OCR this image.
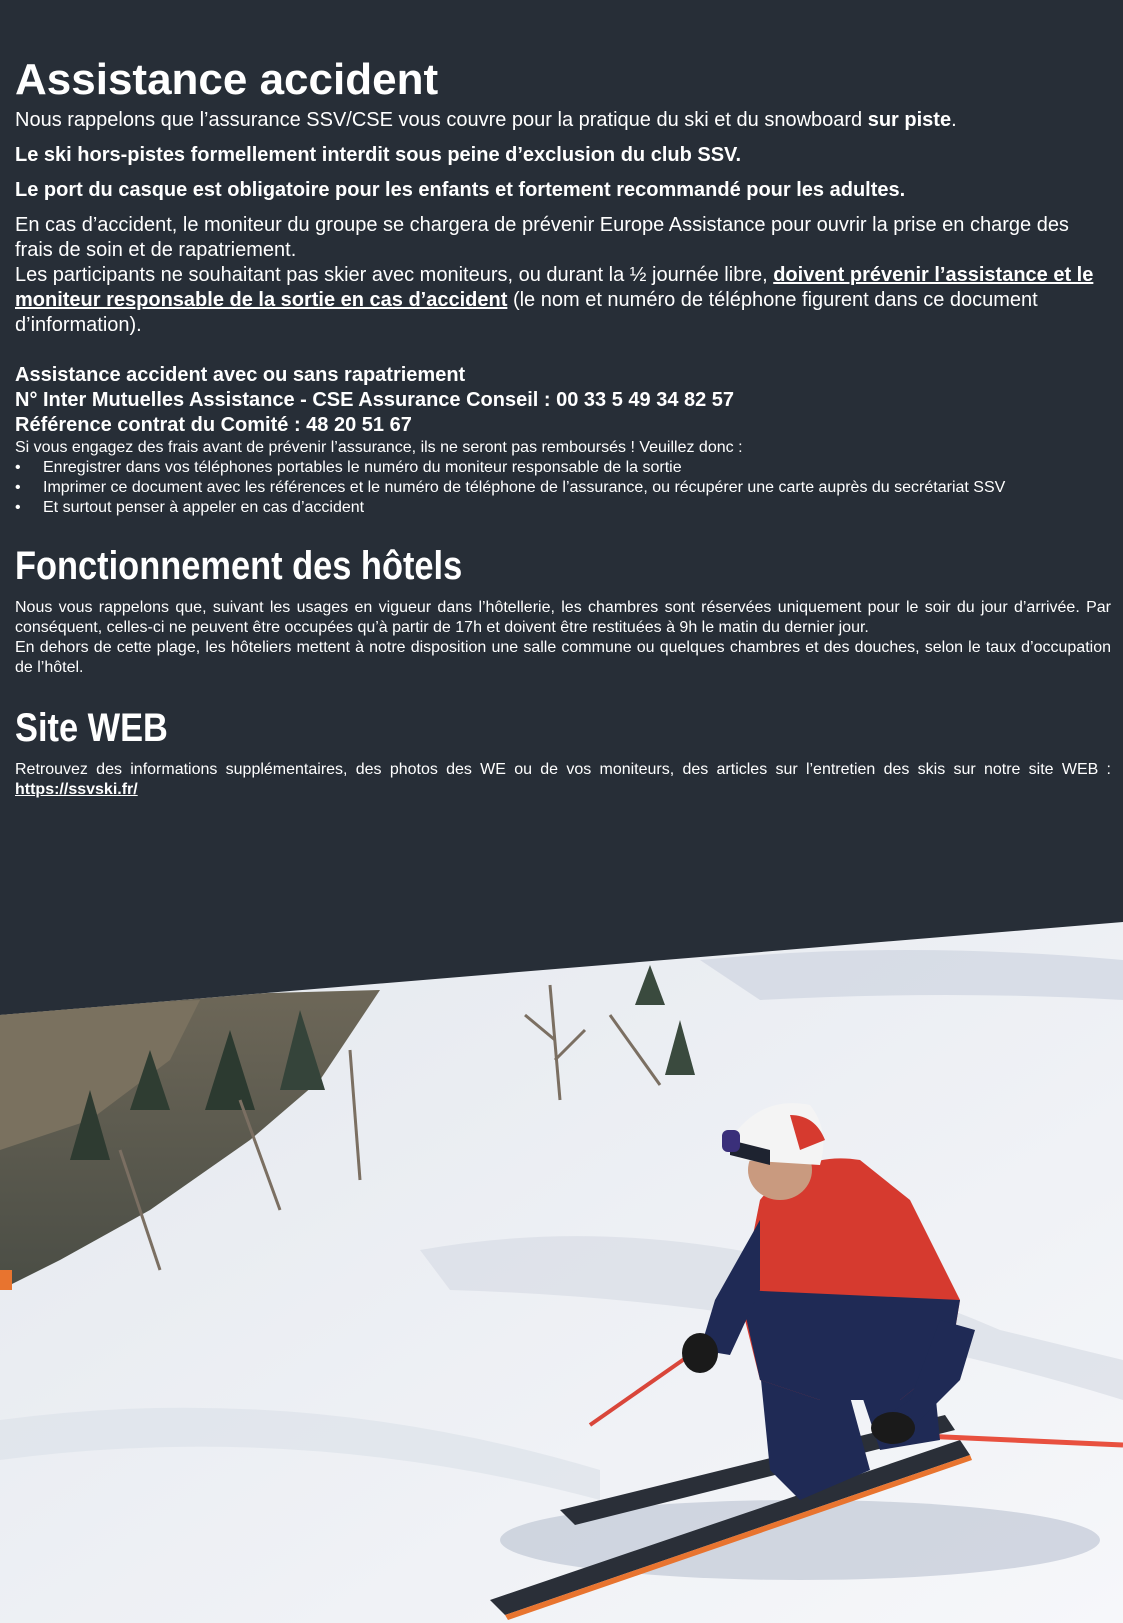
Assistance accident

Nous rappelons que l’assurance SSV/CSE vous couvre pour la pratique du ski et du snowboard sur piste.

Le ski hors-pistes formellement interdit sous peine d’exclusion du club SSV.

Le port du casque est obligatoire pour les enfants et fortement recommandé pour les adultes.

En cas d’accident, le moniteur du groupe se chargera de prévenir Europe Assistance pour ouvrir la prise en charge des frais de soin et de rapatriement.

Les participants ne souhaitant pas skier avec moniteurs, ou durant la ½ journée libre, doivent prévenir l’assistance et le moniteur responsable de la sortie en cas d’accident (le nom et numéro de téléphone figurent dans ce document d’information).

Assistance accident avec ou sans rapatriement

N° Inter Mutuelles Assistance - CSE Assurance Conseil : 00 33 5 49 34 82 57

Référence contrat du Comité : 48 20 51 67

Si vous engagez des frais avant de prévenir l’assurance, ils ne seront pas remboursés ! Veuillez donc :

• Enregistrer dans vos téléphones portables le numéro du moniteur responsable de la sortie
• Imprimer ce document avec les références et le numéro de téléphone de l’assurance, ou récupérer une carte auprès du secrétariat SSV
• Et surtout penser à appeler en cas d’accident
Fonctionnement des hôtels

Nous vous rappelons que, suivant les usages en vigueur dans l’hôtellerie, les chambres sont réservées uniquement pour le soir du jour d’arrivée. Par conséquent, celles-ci ne peuvent être occupées qu’à partir de 17h et doivent être restituées à 9h le matin du dernier jour.

En dehors de cette plage, les hôteliers mettent à notre disposition une salle commune ou quelques chambres et des douches, selon le taux d’occupation de l’hôtel.

Site WEB

Retrouvez des informations supplémentaires, des photos des WE ou de vos moniteurs, des articles sur l’entretien des skis sur notre site WEB : https://ssvski.fr/
